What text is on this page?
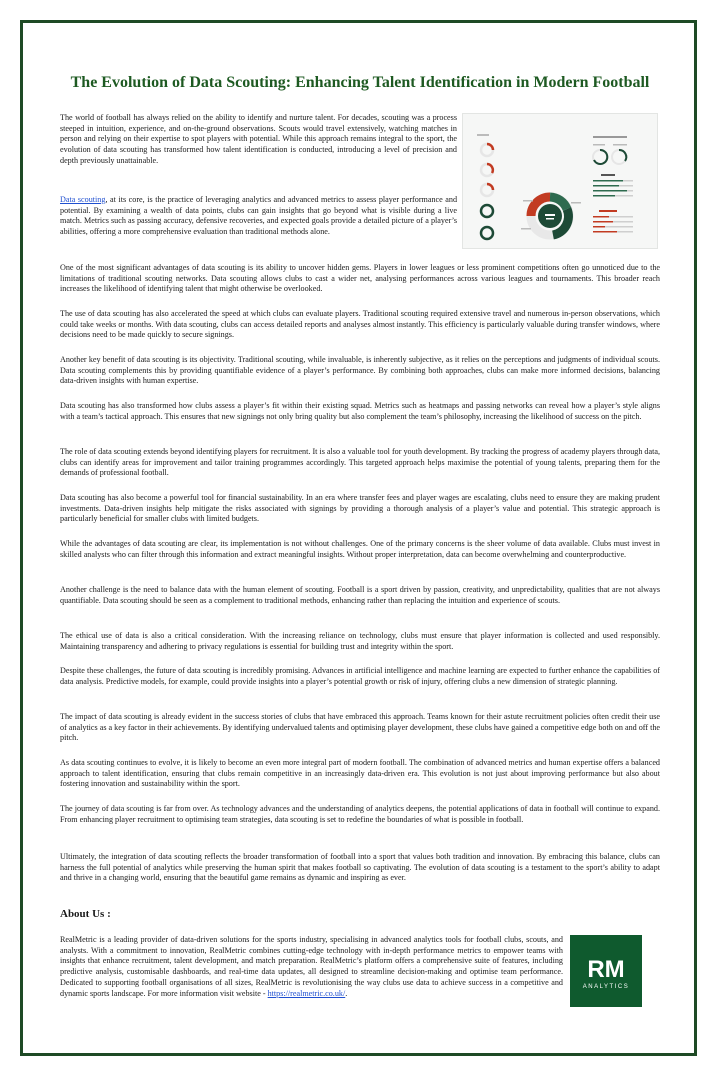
The Evolution of Data Scouting: Enhancing Talent Identification in Modern Football

The world of football has always relied on the ability to identify and nurture talent. For decades, scouting was a process steeped in intuition, experience, and on-the-ground observations. Scouts would travel extensively, watching matches in person and relying on their expertise to spot players with potential. While this approach remains integral to the sport, the evolution of data scouting has transformed how talent identification is conducted, introducing a level of precision and depth previously unattainable.

Data scouting, at its core, is the practice of leveraging analytics and advanced metrics to assess player performance and potential. By examining a wealth of data points, clubs can gain insights that go beyond what is visible during a live match. Metrics such as passing accuracy, defensive recoveries, and expected goals provide a detailed picture of a player’s abilities, offering a more comprehensive evaluation than traditional methods alone.

One of the most significant advantages of data scouting is its ability to uncover hidden gems. Players in lower leagues or less prominent competitions often go unnoticed due to the limitations of traditional scouting networks. Data scouting allows clubs to cast a wider net, analysing performances across various leagues and tournaments. This broader reach increases the likelihood of identifying talent that might otherwise be overlooked.

The use of data scouting has also accelerated the speed at which clubs can evaluate players. Traditional scouting required extensive travel and numerous in-person observations, which could take weeks or months. With data scouting, clubs can access detailed reports and analyses almost instantly. This efficiency is particularly valuable during transfer windows, where decisions need to be made quickly to secure signings.

Another key benefit of data scouting is its objectivity. Traditional scouting, while invaluable, is inherently subjective, as it relies on the perceptions and judgments of individual scouts. Data scouting complements this by providing quantifiable evidence of a player’s performance. By combining both approaches, clubs can make more informed decisions, balancing data-driven insights with human expertise.

Data scouting has also transformed how clubs assess a player’s fit within their existing squad. Metrics such as heatmaps and passing networks can reveal how a player’s style aligns with a team’s tactical approach. This ensures that new signings not only bring quality but also complement the team’s philosophy, increasing the likelihood of success on the pitch.

The role of data scouting extends beyond identifying players for recruitment. It is also a valuable tool for youth development. By tracking the progress of academy players through data, clubs can identify areas for improvement and tailor training programmes accordingly. This targeted approach helps maximise the potential of young talents, preparing them for the demands of professional football.

Data scouting has also become a powerful tool for financial sustainability. In an era where transfer fees and player wages are escalating, clubs need to ensure they are making prudent investments. Data-driven insights help mitigate the risks associated with signings by providing a thorough analysis of a player’s value and potential. This strategic approach is particularly beneficial for smaller clubs with limited budgets.

While the advantages of data scouting are clear, its implementation is not without challenges. One of the primary concerns is the sheer volume of data available. Clubs must invest in skilled analysts who can filter through this information and extract meaningful insights. Without proper interpretation, data can become overwhelming and counterproductive.

Another challenge is the need to balance data with the human element of scouting. Football is a sport driven by passion, creativity, and unpredictability, qualities that are not always quantifiable. Data scouting should be seen as a complement to traditional methods, enhancing rather than replacing the intuition and experience of scouts.

The ethical use of data is also a critical consideration. With the increasing reliance on technology, clubs must ensure that player information is collected and used responsibly. Maintaining transparency and adhering to privacy regulations is essential for building trust and integrity within the sport.

Despite these challenges, the future of data scouting is incredibly promising. Advances in artificial intelligence and machine learning are expected to further enhance the capabilities of data analysis. Predictive models, for example, could provide insights into a player’s potential growth or risk of injury, offering clubs a new dimension of strategic planning.

The impact of data scouting is already evident in the success stories of clubs that have embraced this approach. Teams known for their astute recruitment policies often credit their use of analytics as a key factor in their achievements. By identifying undervalued talents and optimising player development, these clubs have gained a competitive edge both on and off the pitch.

As data scouting continues to evolve, it is likely to become an even more integral part of modern football. The combination of advanced metrics and human expertise offers a balanced approach to talent identification, ensuring that clubs remain competitive in an increasingly data-driven era. This evolution is not just about improving performance but also about fostering innovation and sustainability within the sport.

The journey of data scouting is far from over. As technology advances and the understanding of analytics deepens, the potential applications of data in football will continue to expand. From enhancing player recruitment to optimising team strategies, data scouting is set to redefine the boundaries of what is possible in football.

Ultimately, the integration of data scouting reflects the broader transformation of football into a sport that values both tradition and innovation. By embracing this balance, clubs can harness the full potential of analytics while preserving the human spirit that makes football so captivating. The evolution of data scouting is a testament to the sport’s ability to adapt and thrive in a changing world, ensuring that the beautiful game remains as dynamic and inspiring as ever.

About Us :

RealMetric is a leading provider of data-driven solutions for the sports industry, specialising in advanced analytics tools for football clubs, scouts, and analysts. With a commitment to innovation, RealMetric combines cutting-edge technology with in-depth performance metrics to empower teams with insights that enhance recruitment, talent development, and match preparation. RealMetric’s platform offers a comprehensive suite of features, including predictive analysis, customisable dashboards, and real-time data updates, all designed to streamline decision-making and optimise team performance. Dedicated to supporting football organisations of all sizes, RealMetric is revolutionising the way clubs use data to achieve success in a competitive and dynamic sports landscape. For more information visit website - https://realmetric.co.uk/.

RM
ANALYTICS
